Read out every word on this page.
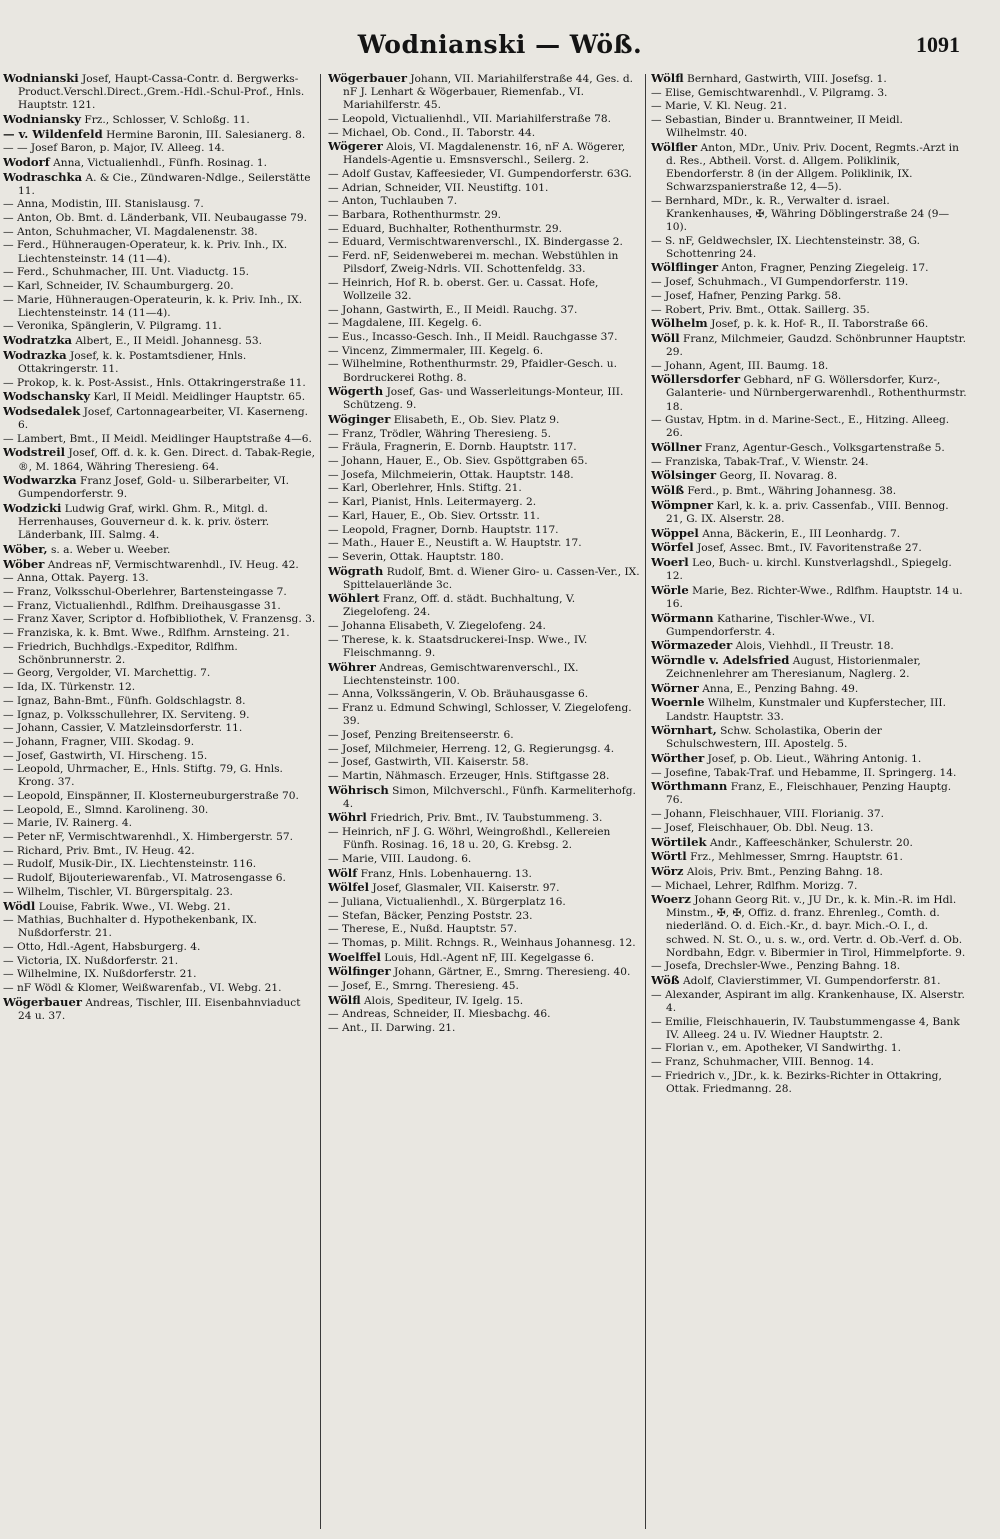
Wodnianski — Wöß.	1091
Wodnianski Josef, Haupt-Cassa-Contr. d. Bergwerks-Product.Verschl.Direct.,Grem.-Hdl.-Schul-Prof., Hnls. Hauptstr. 121.
Wodniansky Frz., Schlosser, V. Schloßg. 11.
— v. Wildenfeld Hermine Baronin, III. Salesianerg. 8.
— — Josef Baron, p. Major, IV. Alleeg. 14.
Wodorf Anna, Victualienhdl., Fünfh. Rosinag. 1.
Wodraschka A. & Cie., Zündwaren-Ndlge., Seilerstätte 11.
— Anna, Modistin, III. Stanislausg. 7.
— Anton, Ob. Bmt. d. Länderbank, VII. Neubaugasse 79.
— Anton, Schuhmacher, VI. Magdalenenstr. 38.
— Ferd., Hühneraugen-Operateur, k. k. Priv. Inh., IX. Liechtensteinstr. 14 (11—4).
— Ferd., Schuhmacher, III. Unt. Viaductg. 15.
— Karl, Schneider, IV. Schaumburgerg. 20.
— Marie, Hühneraugen-Operateurin, k. k. Priv. Inh., IX. Liechtensteinstr. 14 (11—4).
— Veronika, Spänglerin, V. Pilgramg. 11.
Wodratzka Albert, E., II Meidl. Johannesg. 53.
Wodrazka Josef, k. k. Postamtsdiener, Hnls. Ottakringerstr. 11.
— Prokop, k. k. Post-Assist., Hnls. Ottakringerstraße 11.
Wodschansky Karl, II Meidl. Meidlinger Hauptstr. 65.
Wodsedalek Josef, Cartonnagearbeiter, VI. Kaserneng. 6.
— Lambert, Bmt., II Meidl. Meidlinger Hauptstraße 4—6.
Wodstreil Josef, Off. d. k. k. Gen. Direct. d. Tabak-Regie, ®, M. 1864, Währing Theresieng. 64.
Wodwarzka Franz Josef, Gold- u. Silberarbeiter, VI. Gumpendorferstr. 9.
Wodzicki Ludwig Graf, wirkl. Ghm. R., Mitgl. d. Herrenhauses, Gouverneur d. k. k. priv. österr. Länderbank, III. Salmg. 4.
Wöber, s. a. Weber u. Weeber.
Wöber Andreas nF, Vermischtwarenhdl., IV. Heug. 42.
— Anna, Ottak. Payerg. 13.
— Franz, Volksschul-Oberlehrer, Bartensteingasse 7.
— Franz, Victualienhdl., Rdlfhm. Dreihausgasse 31.
— Franz Xaver, Scriptor d. Hofbibliothek, V. Franzensg. 3.
— Franziska, k. k. Bmt. Wwe., Rdlfhm. Arnsteing. 21.
— Friedrich, Buchhdlgs.-Expeditor, Rdlfhm. Schönbrunnerstr. 2.
— Georg, Vergolder, VI. Marchettig. 7.
— Ida, IX. Türkenstr. 12.
— Ignaz, Bahn-Bmt., Fünfh. Goldschlagstr. 8.
— Ignaz, p. Volksschullehrer, IX. Serviteng. 9.
— Johann, Cassier, V. Matzleinsdorferstr. 11.
— Johann, Fragner, VIII. Skodag. 9.
— Josef, Gastwirth, VI. Hirscheng. 15.
— Leopold, Uhrmacher, E., Hnls. Stiftg. 79, G. Hnls. Krong. 37.
— Leopold, Einspänner, II. Klosterneuburgerstraße 70.
— Leopold, E., Slmnd. Karolineng. 30.
— Marie, IV. Rainerg. 4.
— Peter nF, Vermischtwarenhdl., X. Himbergerstr. 57.
— Richard, Priv. Bmt., IV. Heug. 42.
— Rudolf, Musik-Dir., IX. Liechtensteinstr. 116.
— Rudolf, Bijouteriewarenfab., VI. Matrosengasse 6.
— Wilhelm, Tischler, VI. Bürgerspitalg. 23.
Wödl Louise, Fabrik. Wwe., VI. Webg. 21.
— Mathias, Buchhalter d. Hypothekenbank, IX. Nußdorferstr. 21.
— Otto, Hdl.-Agent, Habsburgerg. 4.
— Victoria, IX. Nußdorferstr. 21.
— Wilhelmine, IX. Nußdorferstr. 21.
— nF Wödl & Klomer, Weißwarenfab., VI. Webg. 21.
Wögerbauer Andreas, Tischler, III. Eisenbahnviaduct 24 u. 37.
Wögerbauer Johann, VII. Mariahilferstraße 44, Ges. d. nF J. Lenhart & Wögerbauer, Riemenfab., VI. Mariahilferstr. 45.
— Leopold, Victualienhdl., VII. Mariahilferstraße 78.
— Michael, Ob. Cond., II. Taborstr. 44.
Wögerer Alois, VI. Magdalenenstr. 16, nF A. Wögerer, Handels-Agentie u. Emsnsverschl., Seilerg. 2.
— Adolf Gustav, Kaffeesieder, VI. Gumpendorferstr. 63G.
— Adrian, Schneider, VII. Neustiftg. 101.
— Anton, Tuchlauben 7.
— Barbara, Rothenthurmstr. 29.
— Eduard, Buchhalter, Rothenthurmstr. 29.
— Eduard, Vermischtwarenverschl., IX. Bindergasse 2.
— Ferd. nF, Seidenweberei m. mechan. Webstühlen in Pilsdorf, Zweig-Ndrls. VII. Schottenfeldg. 33.
— Heinrich, Hof R. b. oberst. Ger. u. Cassat. Hofe, Wollzeile 32.
— Johann, Gastwirth, E., II Meidl. Rauchg. 37.
— Magdalene, III. Kegelg. 6.
— Eus., Incasso-Gesch. Inh., II Meidl. Rauchgasse 37.
— Vincenz, Zimmermaler, III. Kegelg. 6.
— Wilhelmine, Rothenthurmstr. 29, Pfaidler-Gesch. u. Bordruckerei Rothg. 8.
Wögerth Josef, Gas- und Wasserleitungs-Monteur, III. Schützeng. 9.
Wöginger Elisabeth, E., Ob. Siev. Platz 9.
— Franz, Trödler, Währing Theresieng. 5.
— Fräula, Fragnerin, E. Dornb. Hauptstr. 117.
— Johann, Hauer, E., Ob. Siev. Gspöttgraben 65.
— Josefa, Milchmeierin, Ottak. Hauptstr. 148.
— Karl, Oberlehrer, Hnls. Stiftg. 21.
— Karl, Pianist, Hnls. Leitermayerg. 2.
— Karl, Hauer, E., Ob. Siev. Ortsstr. 11.
— Leopold, Fragner, Dornb. Hauptstr. 117.
— Math., Hauer E., Neustift a. W. Hauptstr. 17.
— Severin, Ottak. Hauptstr. 180.
Wögrath Rudolf, Bmt. d. Wiener Giro- u. Cassen-Ver., IX. Spittelauerlände 3c.
Wöhlert Franz, Off. d. städt. Buchhaltung, V. Ziegelofeng. 24.
— Johanna Elisabeth, V. Ziegelofeng. 24.
— Therese, k. k. Staatsdruckerei-Insp. Wwe., IV. Fleischmanng. 9.
Wöhrer Andreas, Gemischtwarenverschl., IX. Liechtensteinstr. 100.
— Anna, Volkssängerin, V. Ob. Bräuhausgasse 6.
— Franz u. Edmund Schwingl, Schlosser, V. Ziegelofeng. 39.
— Josef, Penzing Breitenseerstr. 6.
— Josef, Milchmeier, Herreng. 12, G. Regierungsg. 4.
— Josef, Gastwirth, VII. Kaiserstr. 58.
— Martin, Nähmasch. Erzeuger, Hnls. Stiftgasse 28.
Wöhrisch Simon, Milchverschl., Fünfh. Karmeliterhofg. 4.
Wöhrl Friedrich, Priv. Bmt., IV. Taubstummeng. 3.
— Heinrich, nF J. G. Wöhrl, Weingroßhdl., Kellereien Fünfh. Rosinag. 16, 18 u. 20, G. Krebsg. 2.
— Marie, VIII. Laudong. 6.
Wölf Franz, Hnls. Lobenhauerng. 13.
Wölfel Josef, Glasmaler, VII. Kaiserstr. 97.
— Juliana, Victualienhdl., X. Bürgerplatz 16.
— Stefan, Bäcker, Penzing Poststr. 23.
— Therese, E., Nußd. Hauptstr. 57.
— Thomas, p. Milit. Rchngs. R., Weinhaus Johannesg. 12.
Woelffel Louis, Hdl.-Agent nF, III. Kegelgasse 6.
Wölfinger Johann, Gärtner, E., Smrng. Theresieng. 40.
— Josef, E., Smrng. Theresieng. 45.
Wölfl Alois, Spediteur, IV. Igelg. 15.
— Andreas, Schneider, II. Miesbachg. 46.
— Ant., II. Darwing. 21.
Wölfl Bernhard, Gastwirth, VIII. Josefsg. 1.
— Elise, Gemischtwarenhdl., V. Pilgramg. 3.
— Marie, V. Kl. Neug. 21.
— Sebastian, Binder u. Branntweiner, II Meidl. Wilhelmstr. 40.
Wölfler Anton, MDr., Univ. Priv. Docent, Regmts.-Arzt in d. Res., Abtheil. Vorst. d. Allgem. Poliklinik, Ebendorferstr. 8 (in der Allgem. Poliklinik, IX. Schwarzspanierstraße 12, 4—5).
— Bernhard, MDr., k. R., Verwalter d. israel. Krankenhauses, ✠, Währing Döblingerstraße 24 (9—10).
— S. nF, Geldwechsler, IX. Liechtensteinstr. 38, G. Schottenring 24.
Wölflinger Anton, Fragner, Penzing Ziegeleig. 17.
— Josef, Schuhmach., VI Gumpendorferstr. 119.
— Josef, Hafner, Penzing Parkg. 58.
— Robert, Priv. Bmt., Ottak. Saillerg. 35.
Wölhelm Josef, p. k. k. Hof- R., II. Taborstraße 66.
Wöll Franz, Milchmeier, Gaudzd. Schönbrunner Hauptstr. 29.
— Johann, Agent, III. Baumg. 18.
Wöllersdorfer Gebhard, nF G. Wöllersdorfer, Kurz-, Galanterie- und Nürnbergerwarenhdl., Rothenthurmstr. 18.
— Gustav, Hptm. in d. Marine-Sect., E., Hitzing. Alleeg. 26.
Wöllner Franz, Agentur-Gesch., Volksgartenstraße 5.
— Franziska, Tabak-Traf., V. Wienstr. 24.
Wölsinger Georg, II. Novarag. 8.
Wölß Ferd., p. Bmt., Währing Johannesg. 38.
Wömpner Karl, k. k. a. priv. Cassenfab., VIII. Bennog. 21, G. IX. Alserstr. 28.
Wöppel Anna, Bäckerin, E., III Leonhardg. 7.
Wörfel Josef, Assec. Bmt., IV. Favoritenstraße 27.
Woerl Leo, Buch- u. kirchl. Kunstverlagshdl., Spiegelg. 12.
Wörle Marie, Bez. Richter-Wwe., Rdlfhm. Hauptstr. 14 u. 16.
Wörmann Katharine, Tischler-Wwe., VI. Gumpendorferstr. 4.
Wörmazeder Alois, Viehhdl., II Treustr. 18.
Wörndle v. Adelsfried August, Historienmaler, Zeichnenlehrer am Theresianum, Naglerg. 2.
Wörner Anna, E., Penzing Bahng. 49.
Woernle Wilhelm, Kunstmaler und Kupferstecher, III. Landstr. Hauptstr. 33.
Wörnhart, Schw. Scholastika, Oberin der Schulschwestern, III. Apostelg. 5.
Wörther Josef, p. Ob. Lieut., Währing Antonig. 1.
— Josefine, Tabak-Traf. und Hebamme, II. Springerg. 14.
Wörthmann Franz, E., Fleischhauer, Penzing Hauptg. 76.
— Johann, Fleischhauer, VIII. Florianig. 37.
— Josef, Fleischhauer, Ob. Dbl. Neug. 13.
Wörtilek Andr., Kaffeeschänker, Schulerstr. 20.
Wörtl Frz., Mehlmesser, Smrng. Hauptstr. 61.
Wörz Alois, Priv. Bmt., Penzing Bahng. 18.
— Michael, Lehrer, Rdlfhm. Morizg. 7.
Woerz Johann Georg Rit. v., JU Dr., k. k. Min.-R. im Hdl. Minstm., ✠, ✠, Offiz. d. franz. Ehrenleg., Comth. d. niederländ. O. d. Eich.-Kr., d. bayr. Mich.-O. I., d. schwed. N. St. O., u. s. w., ord. Vertr. d. Ob.-Verf. d. Ob. Nordbahn, Edgr. v. Bibermier in Tirol, Himmelpforte. 9.
— Josefa, Drechsler-Wwe., Penzing Bahng. 18.
Wöß Adolf, Clavierstimmer, VI. Gumpendorferstr. 81.
— Alexander, Aspirant im allg. Krankenhause, IX. Alserstr. 4.
— Emilie, Fleischhauerin, IV. Taubstummengasse 4, Bank IV. Alleeg. 24 u. IV. Wiedner Hauptstr. 2.
— Florian v., em. Apotheker, VI Sandwirthg. 1.
— Franz, Schuhmacher, VIII. Bennog. 14.
— Friedrich v., JDr., k. k. Bezirks-Richter in Ottakring, Ottak. Friedmanng. 28.
